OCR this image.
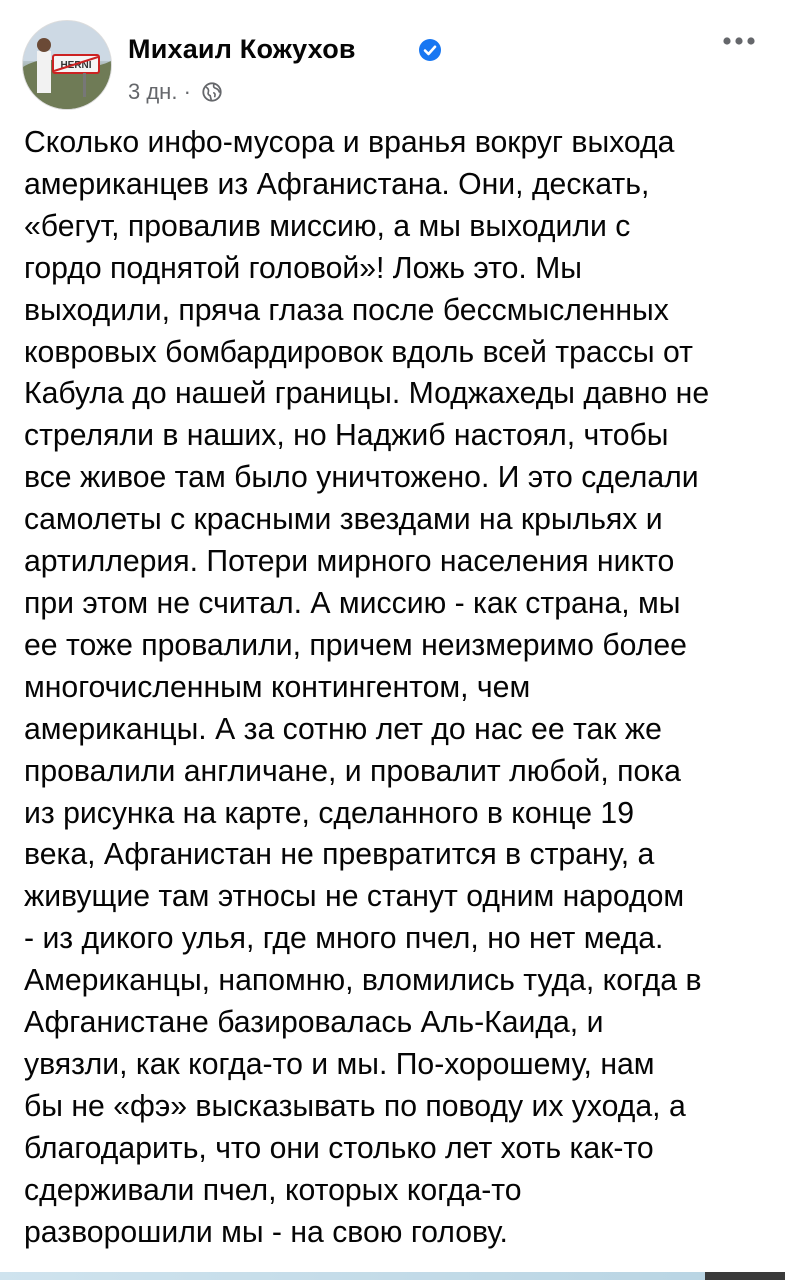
HERNI
Михаил Кожухов
3 дн. ·
Сколько инфо-мусора и вранья вокруг выхода
американцев из Афганистана. Они, дескать,
«бегут, провалив миссию, а мы выходили с
гордо поднятой головой»! Ложь это. Мы
выходили, пряча глаза после бессмысленных
ковровых бомбардировок вдоль всей трассы от
Кабула до нашей границы. Моджахеды давно не
стреляли в наших, но Наджиб настоял, чтобы
все живое там было уничтожено. И это сделали
самолеты с красными звездами на крыльях и
артиллерия. Потери мирного населения никто
при этом не считал. А миссию - как страна, мы
ее тоже провалили, причем неизмеримо более
многочисленным контингентом, чем
американцы. А за сотню лет до нас ее так же
провалили англичане, и провалит любой, пока
из рисунка на карте, сделанного в конце 19
века, Афганистан не превратится в страну, а
живущие там этносы не станут одним народом
- из дикого улья, где много пчел, но нет меда.
Американцы, напомню, вломились туда, когда в
Афганистане базировалась Аль-Каида, и
увязли, как когда-то и мы. По-хорошему, нам
бы не «фэ» высказывать по поводу их ухода, а
благодарить, что они столько лет хоть как-то
сдерживали пчел, которых когда-то
разворошили мы - на свою голову.
